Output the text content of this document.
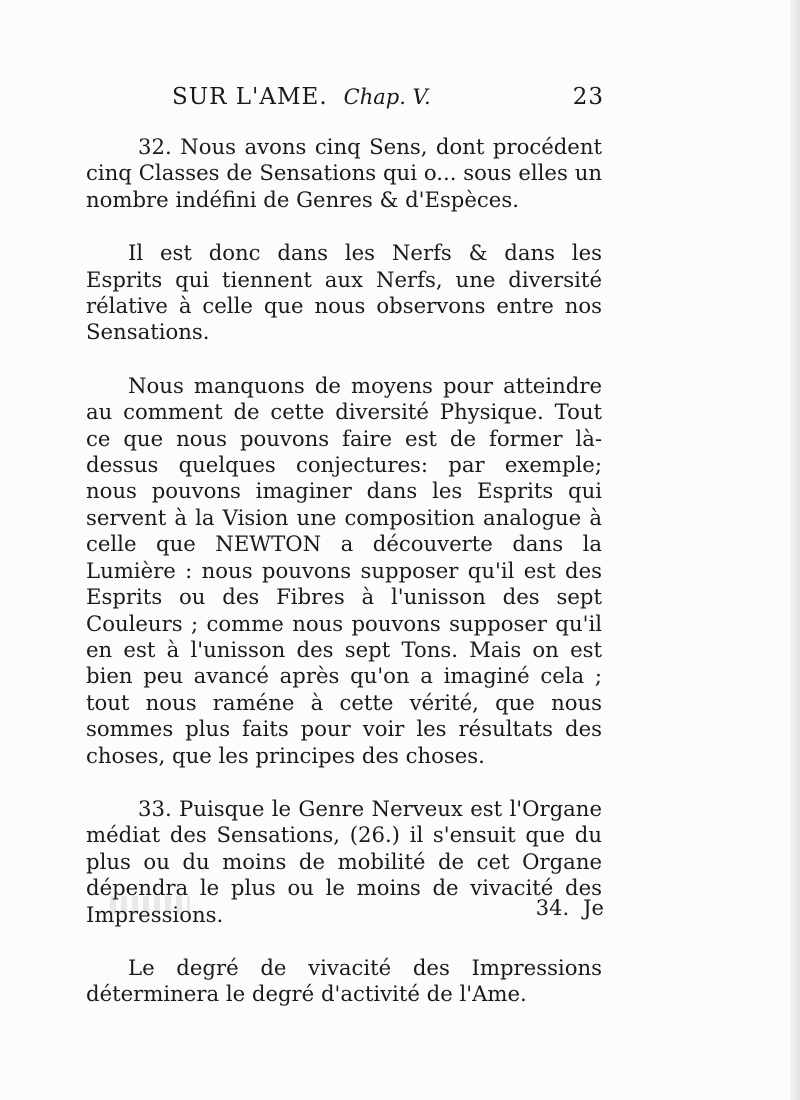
SUR L'AME. Chap. V.	23

32. Nous avons cinq Sens, dont procédent cinq Classes de Sensations qui o... sous elles un nombre indéfini de Genres & d'Espèces.

Il est donc dans les Nerfs & dans les Esprits qui tiennent aux Nerfs, une diversité rélative à celle que nous observons entre nos Sensations.

Nous manquons de moyens pour atteindre au comment de cette diversité Physique. Tout ce que nous pouvons faire est de former là-dessus quelques conjectures: par exemple; nous pouvons imaginer dans les Esprits qui servent à la Vision une composition analogue à celle que NEWTON a découverte dans la Lumière : nous pouvons supposer qu'il est des Esprits ou des Fibres à l'unisson des sept Couleurs ; comme nous pouvons supposer qu'il en est à l'unisson des sept Tons. Mais on est bien peu avancé après qu'on a imaginé cela ; tout nous raméne à cette vérité, que nous sommes plus faits pour voir les résultats des choses, que les principes des choses.

33. Puisque le Genre Nerveux est l'Organe médiat des Sensations, (26.) il s'ensuit que du plus ou du moins de mobilité de cet Organe dépendra le plus ou le moins de vivacité des Impressions.

Le degré de vivacité des Impressions déterminera le degré d'activité de l'Ame.

34. Je
